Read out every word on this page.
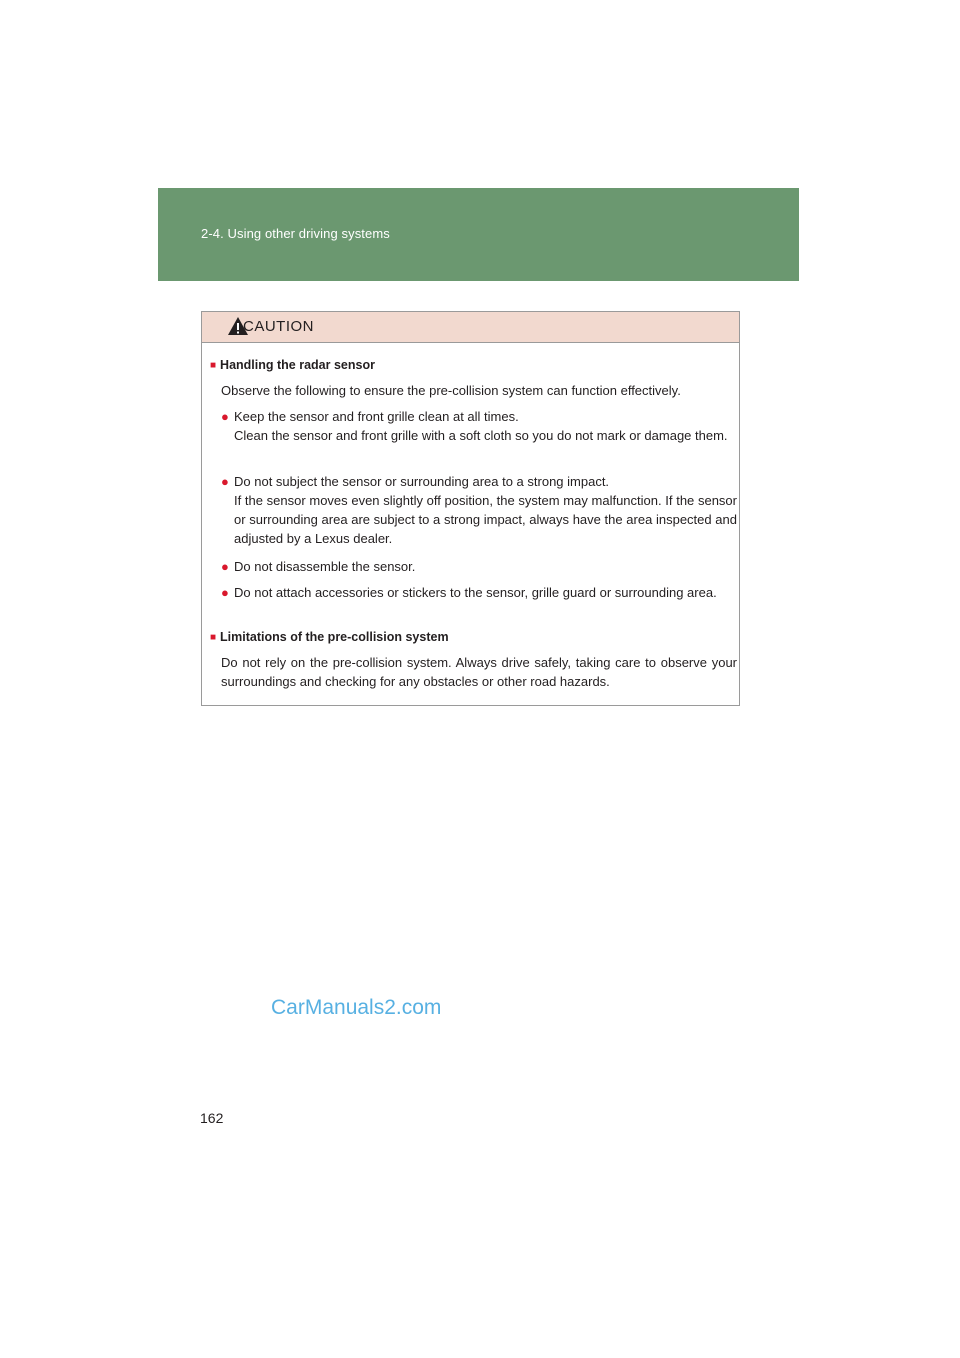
2-4. Using other driving systems
CAUTION
■ Handling the radar sensor
Observe the following to ensure the pre-collision system can function effectively.
● Keep the sensor and front grille clean at all times.
Clean the sensor and front grille with a soft cloth so you do not mark or damage them.
● Do not subject the sensor or surrounding area to a strong impact.
If the sensor moves even slightly off position, the system may malfunction. If the sensor or surrounding area are subject to a strong impact, always have the area inspected and adjusted by a Lexus dealer.
● Do not disassemble the sensor.
● Do not attach accessories or stickers to the sensor, grille guard or surrounding area.
■ Limitations of the pre-collision system
Do not rely on the pre-collision system. Always drive safely, taking care to observe your surroundings and checking for any obstacles or other road hazards.
CarManuals2.com
162
